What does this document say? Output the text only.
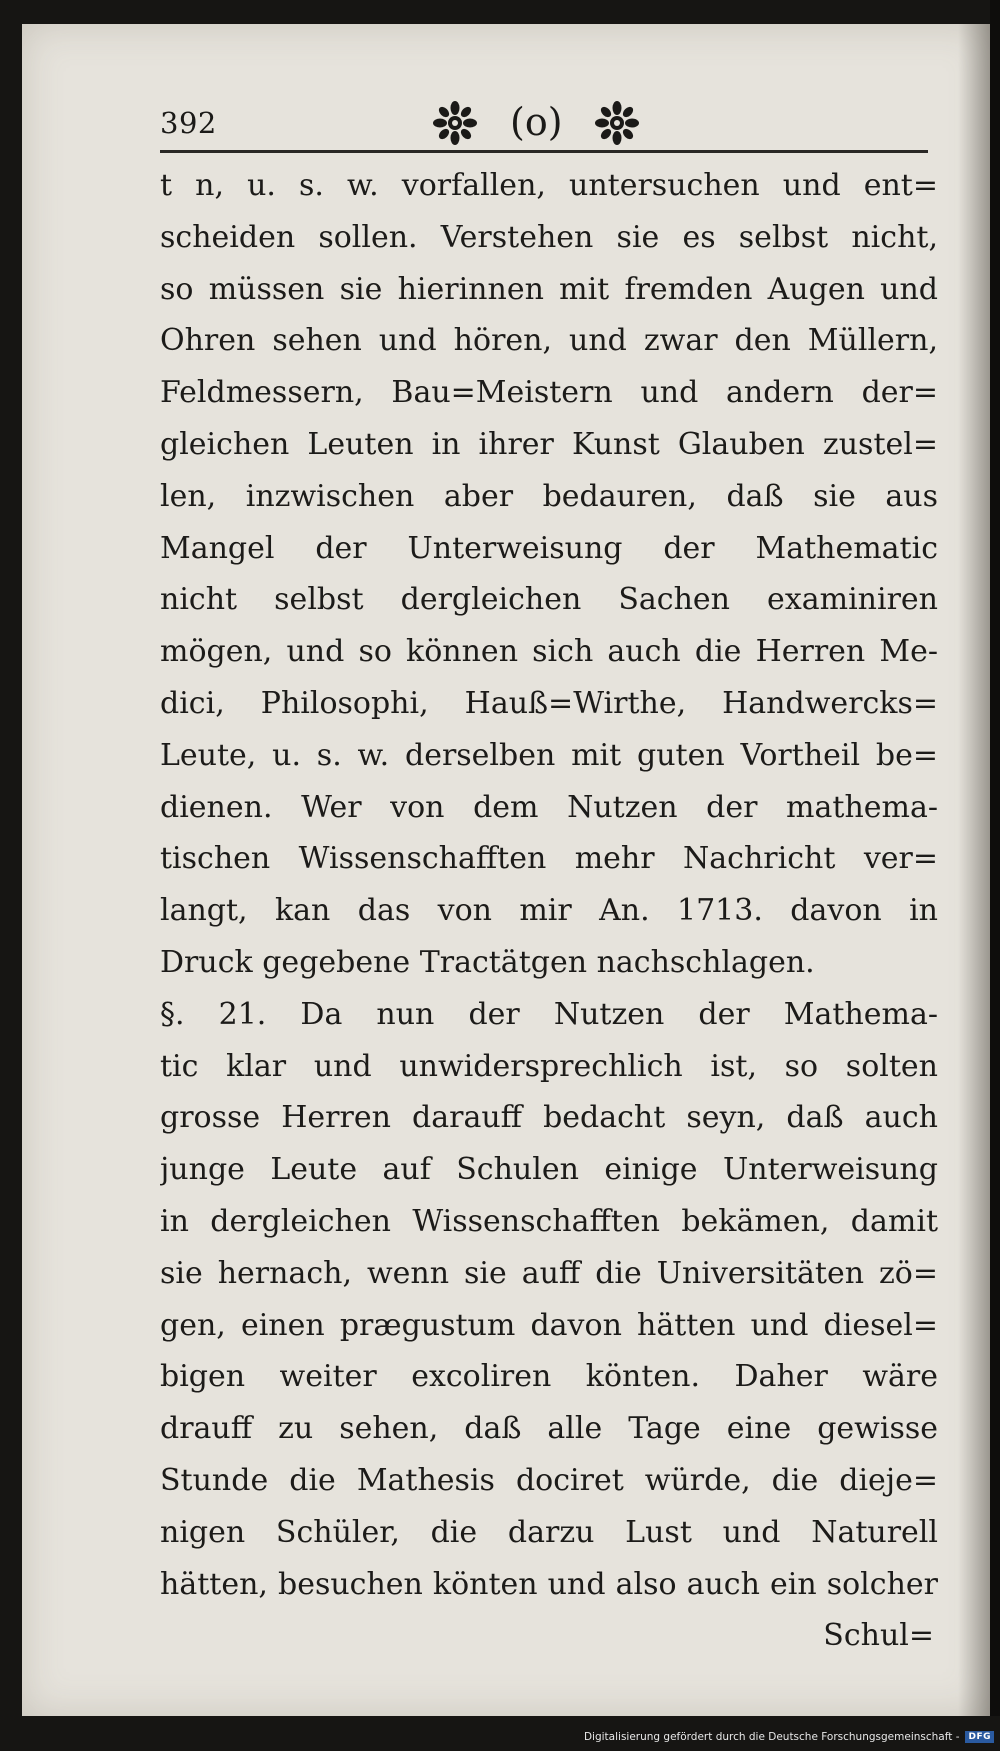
392	(o)
t n, u. s. w. vorfallen, untersuchen und ent=
scheiden sollen. Verstehen sie es selbst nicht,
so müssen sie hierinnen mit fremden Augen und
Ohren sehen und hören, und zwar den Müllern,
Feldmessern, Bau=Meistern und andern der=
gleichen Leuten in ihrer Kunst Glauben zustel=
len, inzwischen aber bedauren, daß sie aus
Mangel der Unterweisung der Mathematic
nicht selbst dergleichen Sachen examiniren
mögen, und so können sich auch die Herren Me-
dici, Philosophi, Hauß=Wirthe, Handwercks=
Leute, u. s. w. derselben mit guten Vortheil be=
dienen. Wer von dem Nutzen der mathema-
tischen Wissenschafften mehr Nachricht ver=
langt, kan das von mir An. 1713. davon in
Druck gegebene Tractätgen nachschlagen.
§. 21. Da nun der Nutzen der Mathema-
tic klar und unwidersprechlich ist, so solten
grosse Herren darauff bedacht seyn, daß auch
junge Leute auf Schulen einige Unterweisung
in dergleichen Wissenschafften bekämen, damit
sie hernach, wenn sie auff die Universitäten zö=
gen, einen prægustum davon hätten und diesel=
bigen weiter excoliren könten. Daher wäre
drauff zu sehen, daß alle Tage eine gewisse
Stunde die Mathesis dociret würde, die dieje=
nigen Schüler, die darzu Lust und Naturell
hätten, besuchen könten und also auch ein solcher
Schul=
Digitalisierung gefördert durch die Deutsche Forschungsgemeinschaft -	DFG
